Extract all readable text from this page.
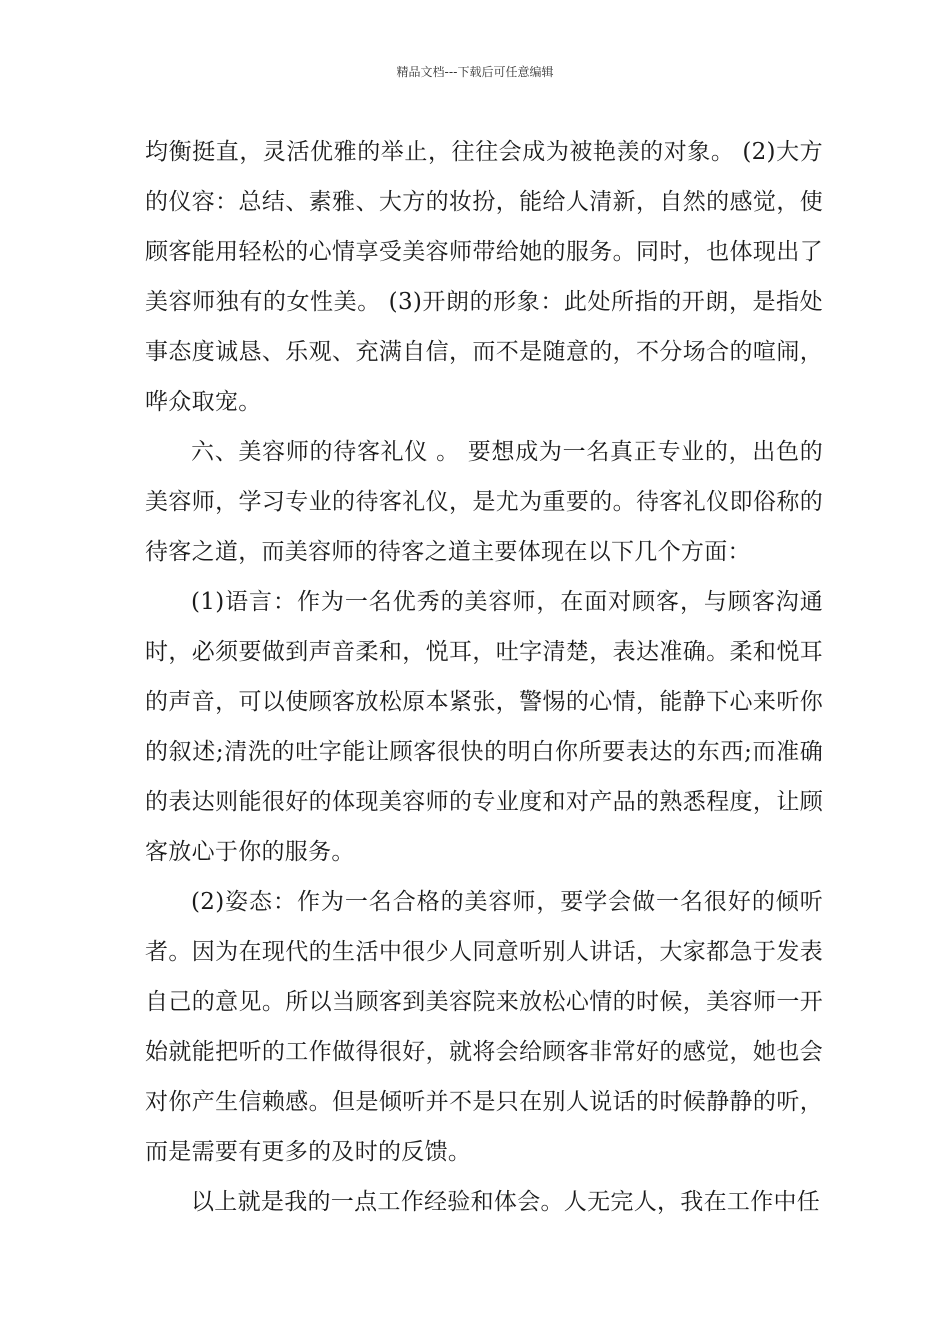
精品文档---下载后可任意编辑

均衡挺直，灵活优雅的举止，往往会成为被艳羡的对象。 (2)大方的仪容：总结、素雅、大方的妆扮，能给人清新，自然的感觉，使顾客能用轻松的心情享受美容师带给她的服务。同时，也体现出了美容师独有的女性美。 (3)开朗的形象：此处所指的开朗，是指处事态度诚恳、乐观、充满自信，而不是随意的，不分场合的喧闹，哗众取宠。

六、美容师的待客礼仪 。 要想成为一名真正专业的，出色的美容师，学习专业的待客礼仪，是尤为重要的。待客礼仪即俗称的待客之道，而美容师的待客之道主要体现在以下几个方面：

(1)语言：作为一名优秀的美容师，在面对顾客，与顾客沟通时，必须要做到声音柔和，悦耳，吐字清楚，表达准确。柔和悦耳的声音，可以使顾客放松原本紧张，警惕的心情，能静下心来听你的叙述;清洗的吐字能让顾客很快的明白你所要表达的东西;而准确的表达则能很好的体现美容师的专业度和对产品的熟悉程度，让顾客放心于你的服务。

(2)姿态：作为一名合格的美容师，要学会做一名很好的倾听者。因为在现代的生活中很少人同意听别人讲话，大家都急于发表自己的意见。所以当顾客到美容院来放松心情的时候，美容师一开始就能把听的工作做得很好，就将会给顾客非常好的感觉，她也会对你产生信赖感。但是倾听并不是只在别人说话的时候静静的听，而是需要有更多的及时的反馈。

以上就是我的一点工作经验和体会。人无完人，我在工作中任
